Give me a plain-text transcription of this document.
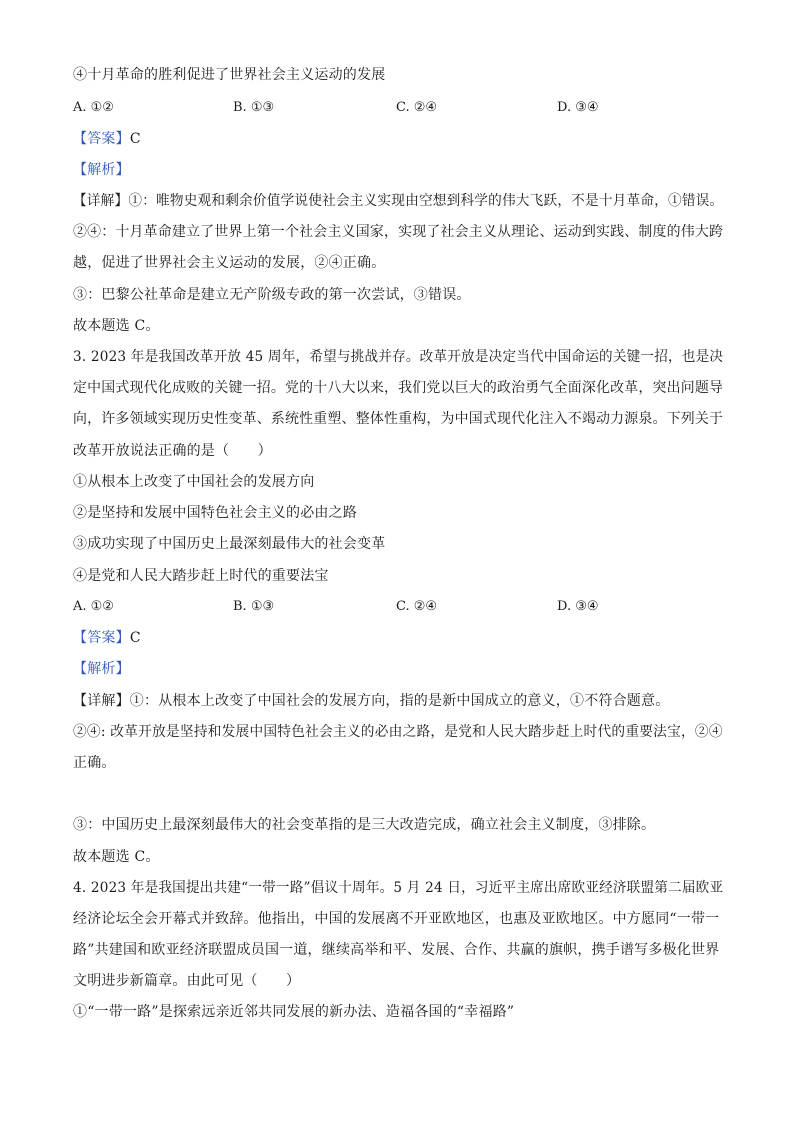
④十月革命的胜利促进了世界社会主义运动的发展
A. ①②	B. ①③	C. ②④	D. ③④
【答案】C
【解析】
【详解】①：唯物史观和剩余价值学说使社会主义实现由空想到科学的伟大飞跃，不是十月革命，①错误。
②④：十月革命建立了世界上第一个社会主义国家，实现了社会主义从理论、运动到实践、制度的伟大跨
越，促进了世界社会主义运动的发展，②④正确。
③：巴黎公社革命是建立无产阶级专政的第一次尝试，③错误。
故本题选 C。
3. 2023 年是我国改革开放 45 周年，希望与挑战并存。改革开放是决定当代中国命运的关键一招，也是决
定中国式现代化成败的关键一招。党的十八大以来，我们党以巨大的政治勇气全面深化改革，突出问题导
向，许多领域实现历史性变革、系统性重塑、整体性重构，为中国式现代化注入不竭动力源泉。下列关于
改革开放说法正确的是（　　）
①从根本上改变了中国社会的发展方向
②是坚持和发展中国特色社会主义的必由之路
③成功实现了中国历史上最深刻最伟大的社会变革
④是党和人民大踏步赶上时代的重要法宝
A. ①②	B. ①③	C. ②④	D. ③④
【答案】C
【解析】
【详解】①：从根本上改变了中国社会的发展方向，指的是新中国成立的意义，①不符合题意。
②④: 改革开放是坚持和发展中国特色社会主义的必由之路，是党和人民大踏步赶上时代的重要法宝，②④
正确。
③：中国历史上最深刻最伟大的社会变革指的是三大改造完成，确立社会主义制度，③排除。
故本题选 C。
4. 2023 年是我国提出共建“一带一路”倡议十周年。5 月 24 日，习近平主席出席欧亚经济联盟第二届欧亚
经济论坛全会开幕式并致辞。他指出，中国的发展离不开亚欧地区，也惠及亚欧地区。中方愿同“一带一
路”共建国和欧亚经济联盟成员国一道，继续高举和平、发展、合作、共赢的旗帜，携手谱写多极化世界
文明进步新篇章。由此可见（　　）
①“一带一路”是探索远亲近邻共同发展的新办法、造福各国的“幸福路”
